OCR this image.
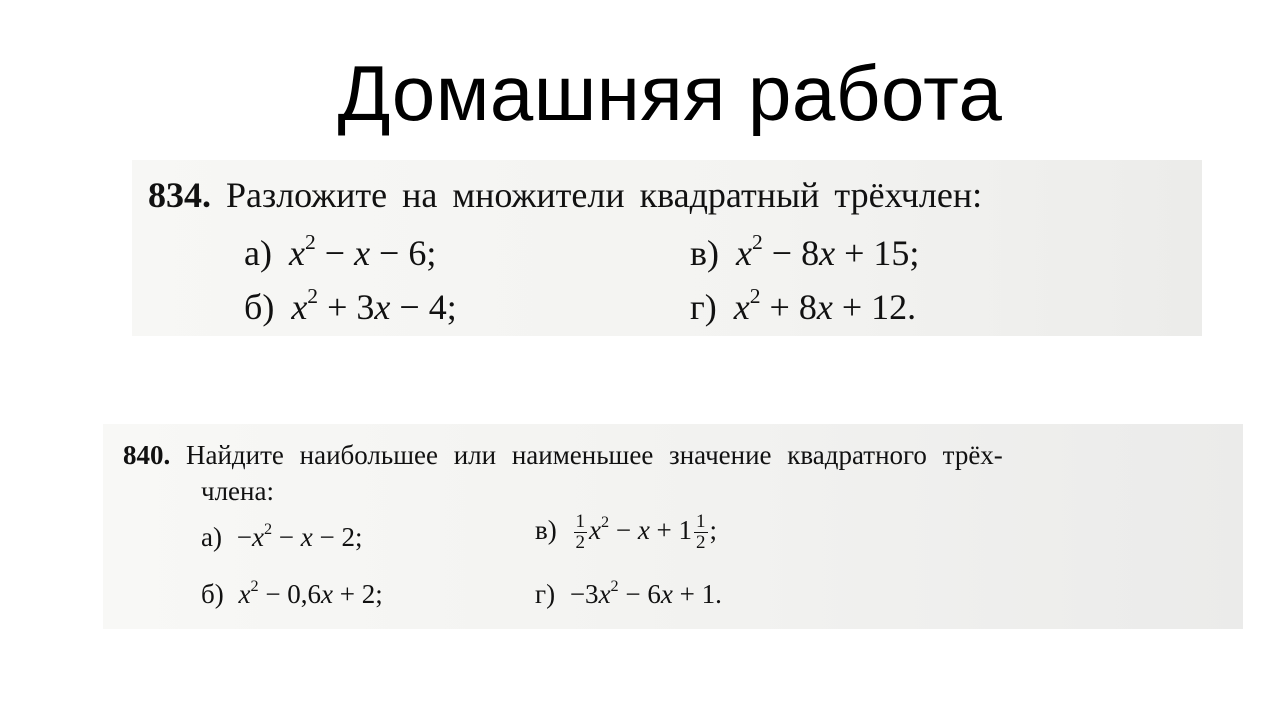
Домашняя работа
834. Разложите на множители квадратный трёхчлен:
а) $x^2 - x - 6$;
б) $x^2 + 3x - 4$;
в) $x^2 - 8x + 15$;
г) $x^2 + 8x + 12$.
840. Найдите наибольшее или наименьшее значение квадратного трёх-
члена:
$а) -x^2 - x - 2$;
б) $x^2 - 0,6x + 2$;
$в) \frac{1}{2} x^2 - x + 1 \frac{1}{2}$ ;
$г) -3x^2 - 6x + 1$.
